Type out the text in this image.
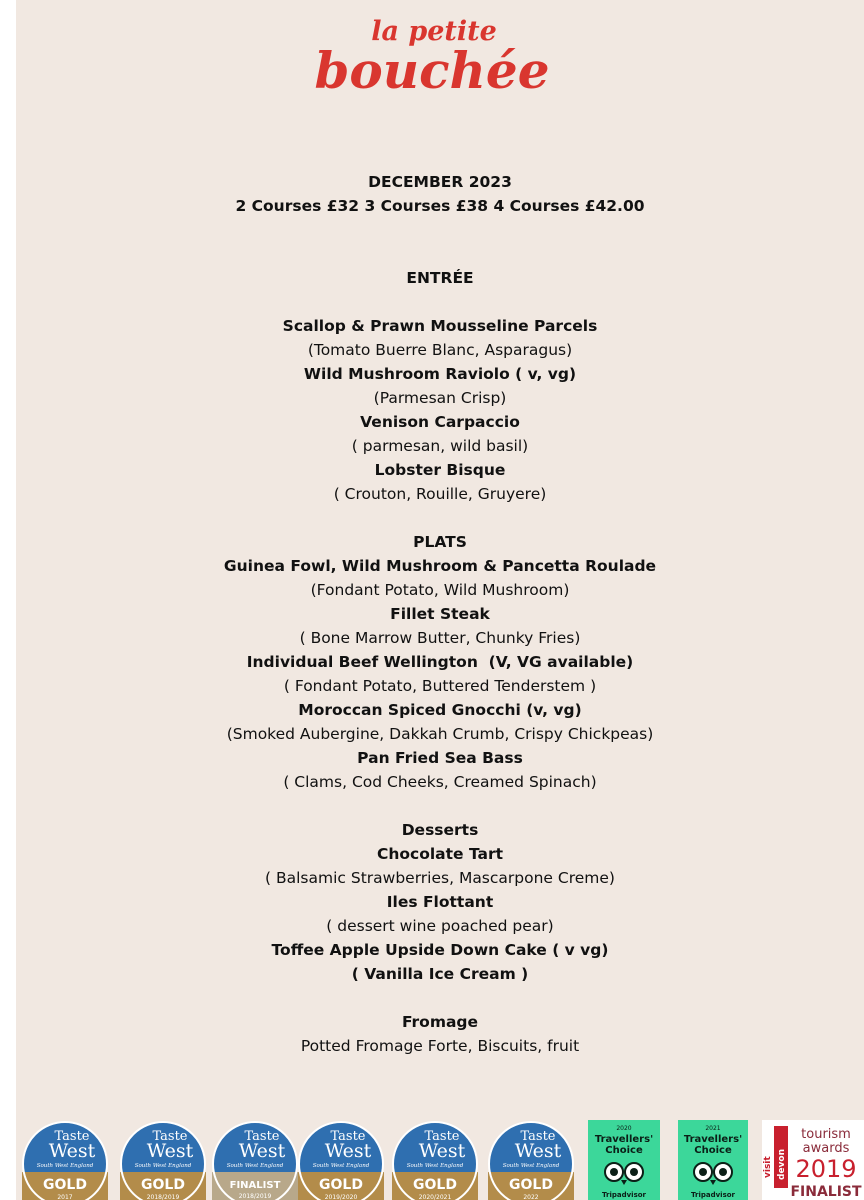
la petite
bouchée
DECEMBER 2023
2 Courses £32 3 Courses £38 4 Courses £42.00
ENTRÉE
Scallop & Prawn Mousseline Parcels
(Tomato Buerre Blanc, Asparagus)
Wild Mushroom Raviolo ( v, vg)
(Parmesan Crisp)
Venison Carpaccio
( parmesan, wild basil)
Lobster Bisque
( Crouton, Rouille, Gruyere)
PLATS
Guinea Fowl, Wild Mushroom & Pancetta Roulade
(Fondant Potato, Wild Mushroom)
Fillet Steak
( Bone Marrow Butter, Chunky Fries)
Individual Beef Wellington  (V, VG available)
( Fondant Potato, Buttered Tenderstem )
Moroccan Spiced Gnocchi (v, vg)
(Smoked Aubergine, Dakkah Crumb, Crispy Chickpeas)
Pan Fried Sea Bass
( Clams, Cod Cheeks, Creamed Spinach)
Desserts
Chocolate Tart
( Balsamic Strawberries, Mascarpone Creme)
Iles Flottant
( dessert wine poached pear)
Toffee Apple Upside Down Cake ( v vg)
( Vanilla Ice Cream )
Fromage
Potted Fromage Forte, Biscuits, fruit
Taste
West
South West England
GOLD
2017
Taste
West
South West England
GOLD
2018/2019
Taste
West
South West England
FINALIST
2018/2019
Taste
West
South West England
GOLD
2019/2020
Taste
West
South West England
GOLD
2020/2021
Taste
West
South West England
GOLD
2022
2020
Travellers'
Choice
Tripadvisor
2021
Travellers'
Choice
Tripadvisor
visit devon
tourism
awards
2019
FINALIST
